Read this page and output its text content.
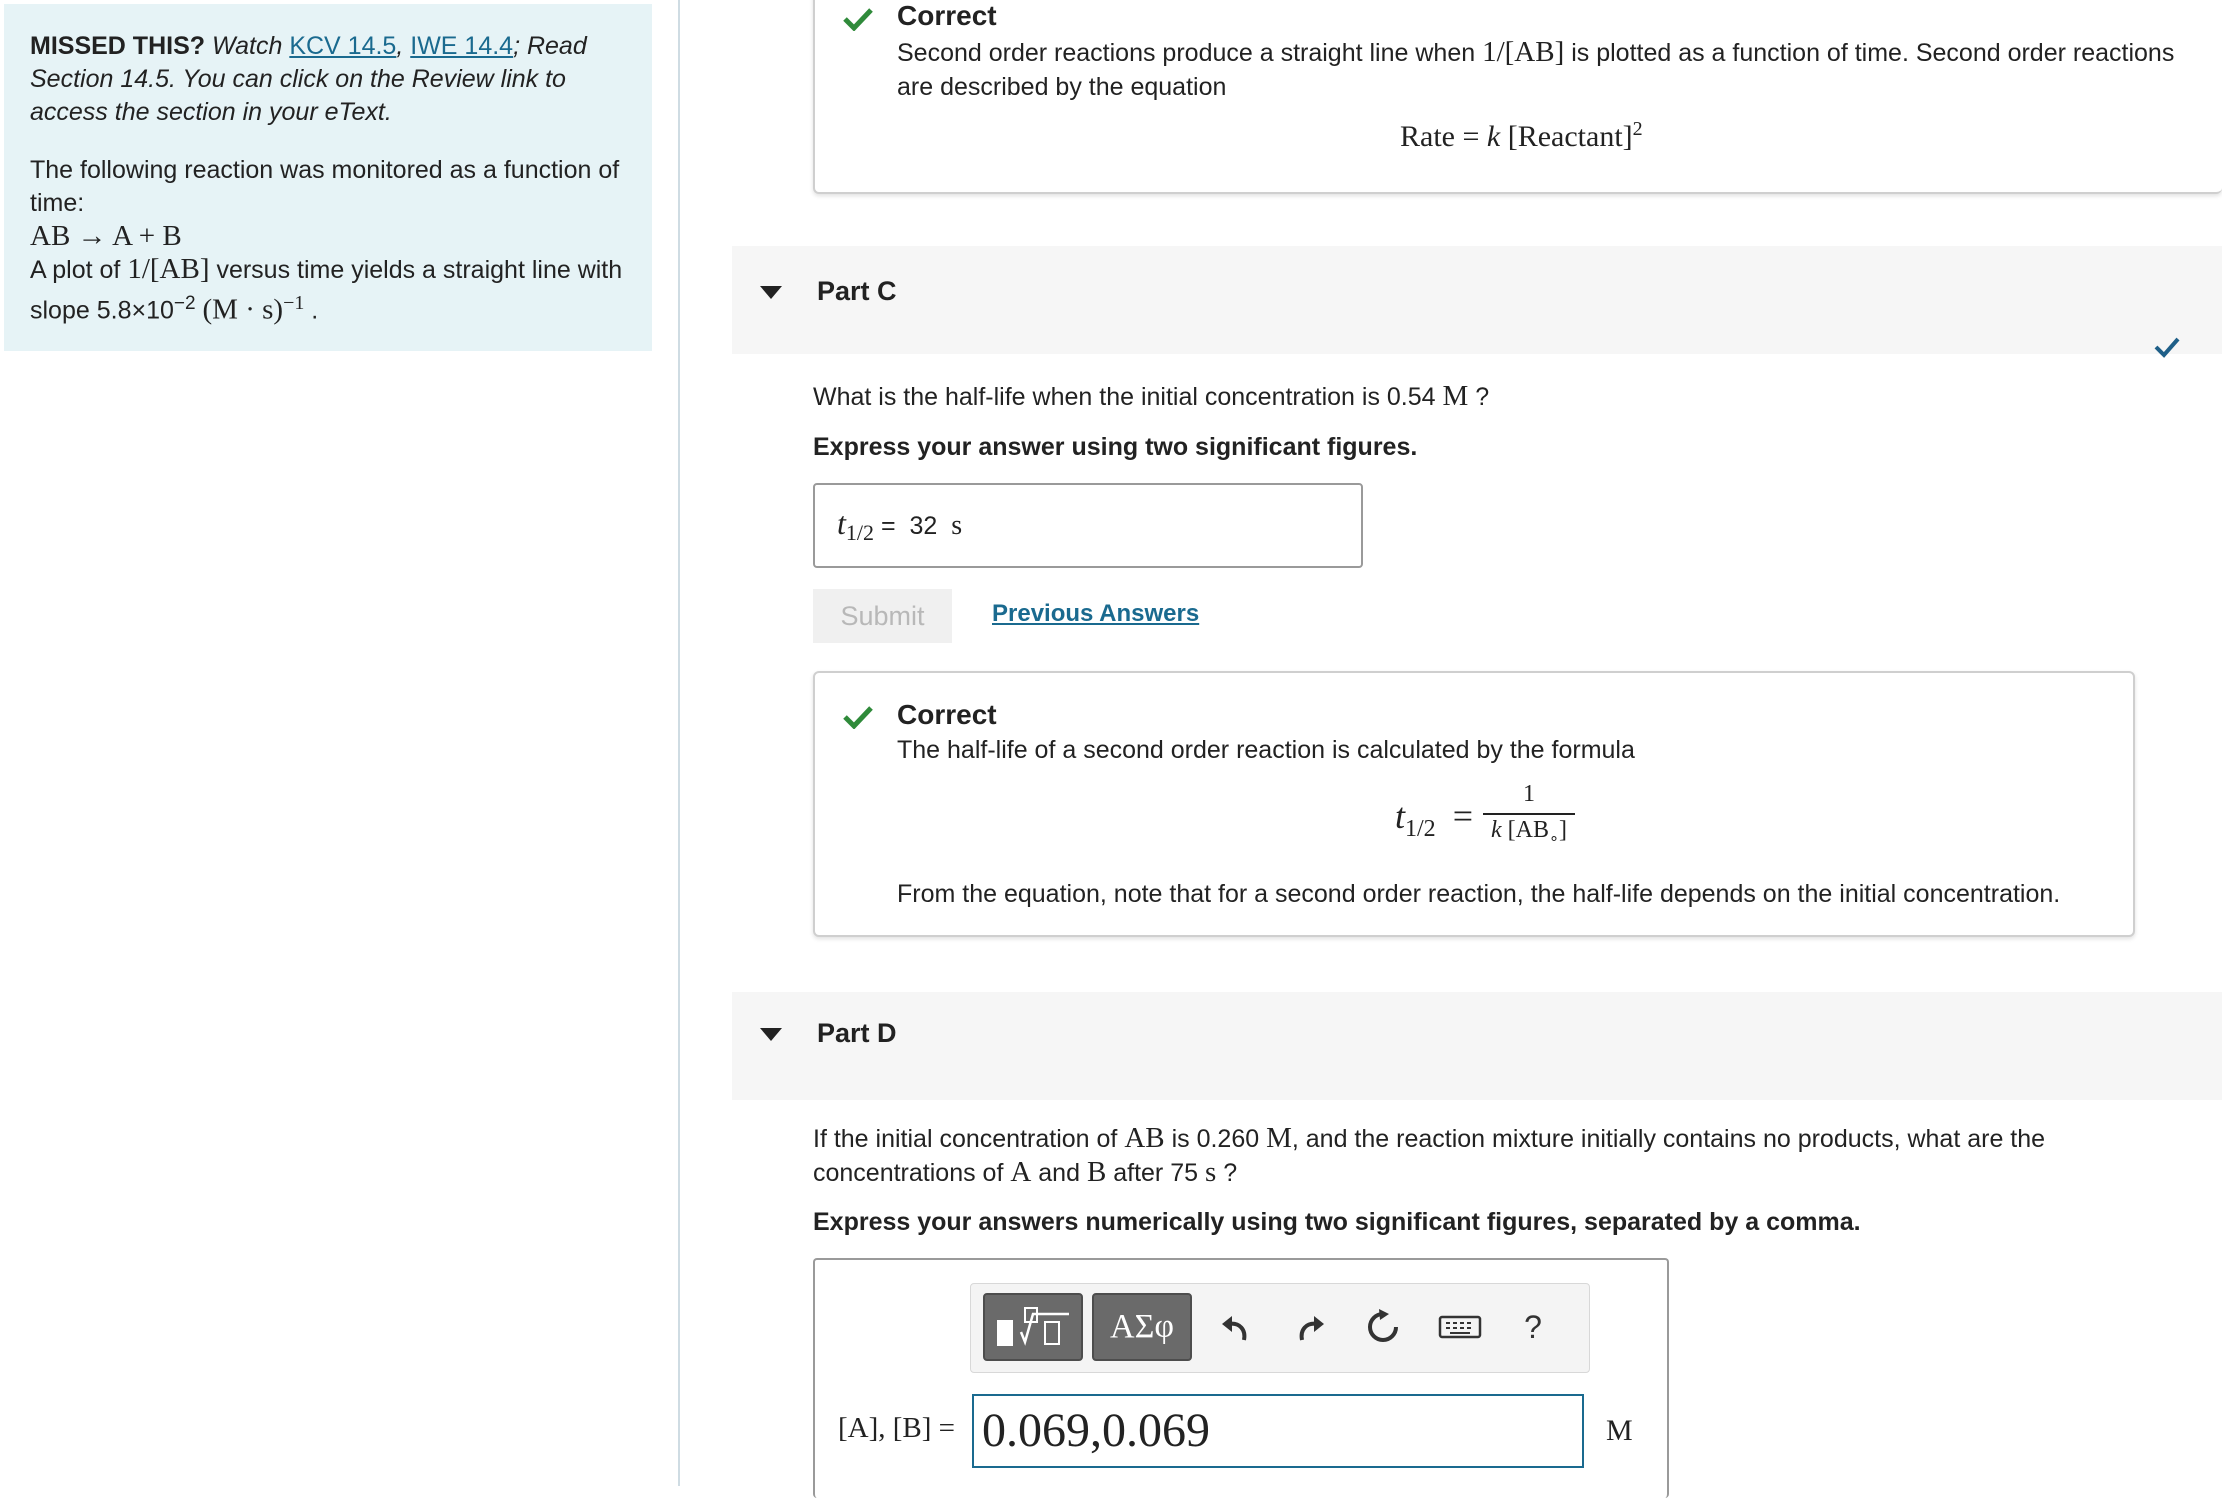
MISSED THIS? Watch KCV 14.5, IWE 14.4; Read Section 14.5. You can click on the Review link to access the section in your eText.
The following reaction was monitored as a function of time:
AB → A + B
A plot of 1/[AB] versus time yields a straight line with slope $5.8\times 10^{-2}$ $(M \cdot s)^{-1}$ .
Correct
Second order reactions produce a straight line when 1/[AB] is plotted as a function of time. Second order reactions are described by the equation
Rate = k [Reactant]$^2$
Part C
What is the half-life when the initial concentration is 0.54 M ?
Express your answer using two significant figures.
$t_{1/2} = 32$ s
Submit	Previous Answers
Correct
The half-life of a second order reaction is calculated by the formula
$t_{1/2}$ =
1
k $[AB_\circ]$
From the equation, note that for a second order reaction, the half-life depends on the initial concentration.
Part D
If the initial concentration of AB is 0.260 M, and the reaction mixture initially contains no products, what are the concentrations of A and B after 75 s ?
Express your answers numerically using two significant figures, separated by a comma.
ΑΣφ	?
[A], [B] = 0.069,0.069	M
